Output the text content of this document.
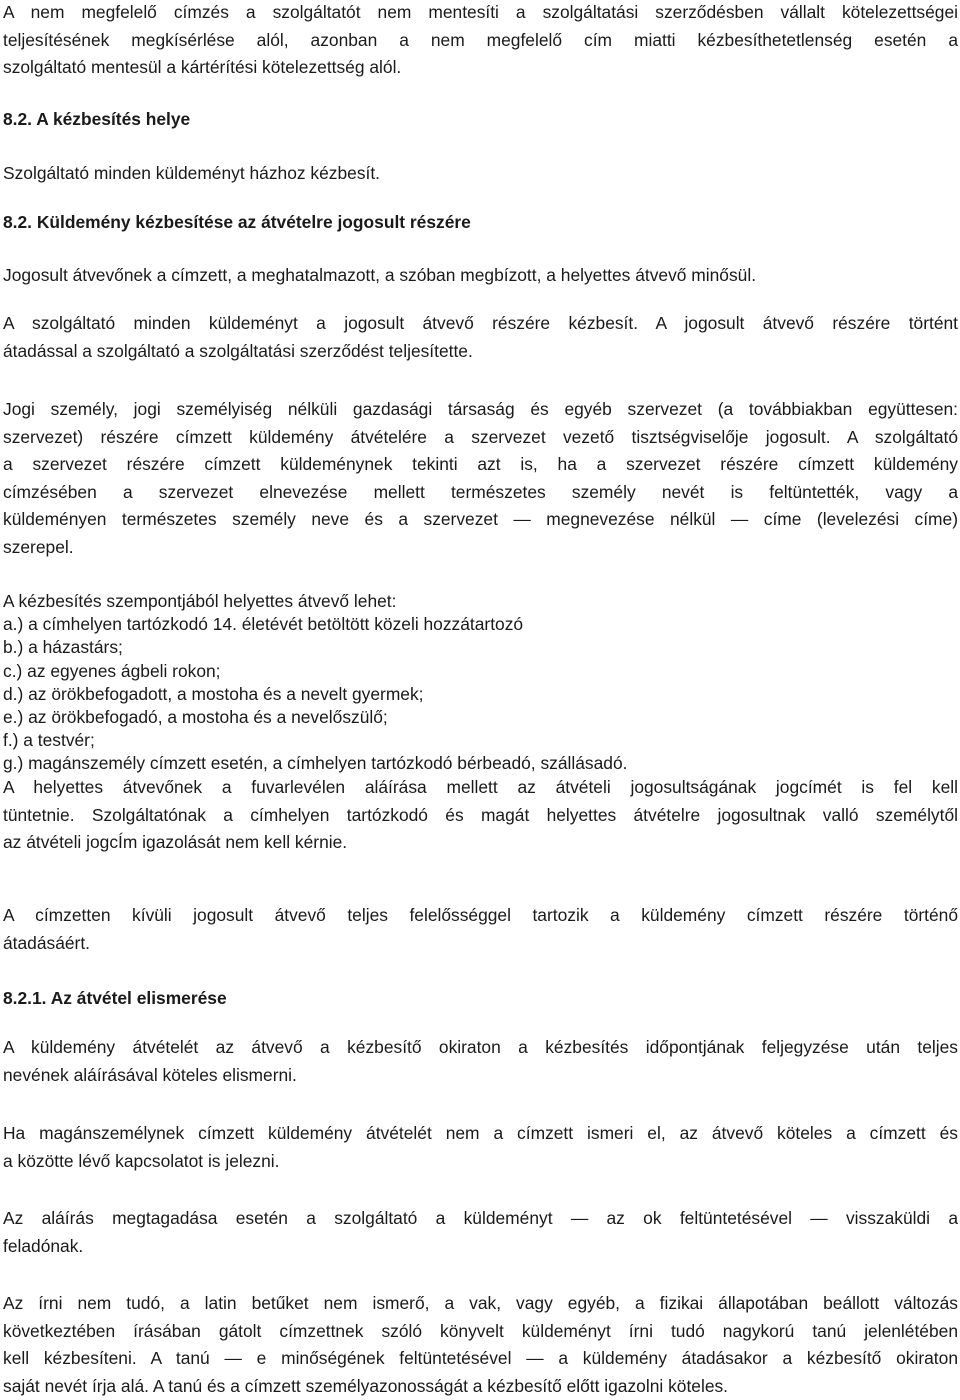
A nem megfelelő címzés a szolgáltatót nem mentesíti a szolgáltatási szerződésben vállalt kötelezettségei
teljesítésének megkísérlése alól, azonban a nem megfelelő cím miatti kézbesíthetetlenség esetén a
szolgáltató mentesül a kártérítési kötelezettség alól.

8.2. A kézbesítés helye

Szolgáltató minden küldeményt házhoz kézbesít.

8.2. Küldemény kézbesítése az átvételre jogosult részére

Jogosult átvevőnek a címzett, a meghatalmazott, a szóban megbízott, a helyettes átvevő minősül.

A szolgáltató minden küldeményt a jogosult átvevő részére kézbesít. A jogosult átvevő részére történt
átadással a szolgáltató a szolgáltatási szerződést teljesítette.

Jogi személy, jogi személyiség nélküli gazdasági társaság és egyéb szervezet (a továbbiakban együttesen:
szervezet) részére címzett küldemény átvételére a szervezet vezető tisztségviselője jogosult. A szolgáltató
a szervezet részére címzett küldeménynek tekinti azt is, ha a szervezet részére címzett küldemény
címzésében a szervezet elnevezése mellett természetes személy nevét is feltüntették, vagy a
küldeményen természetes személy neve és a szervezet — megnevezése nélkül — címe (levelezési címe)
szerepel.

A kézbesítés szempontjából helyettes átvevő lehet:
a.) a címhelyen tartózkodó 14. életévét betöltött közeli hozzátartozó
b.) a házastárs;
c.) az egyenes ágbeli rokon;
d.) az örökbefogadott, a mostoha és a nevelt gyermek;
e.) az örökbefogadó, a mostoha és a nevelőszülő;
f.) a testvér;
g.) magánszemély címzett esetén, a címhelyen tartózkodó bérbeadó, szállásadó.

A helyettes átvevőnek a fuvarlevélen aláírása mellett az átvételi jogosultságának jogcímét is fel kell
tüntetnie. Szolgáltatónak a címhelyen tartózkodó és magát helyettes átvételre jogosultnak valló személytől
az átvételi jogcÍm igazolását nem kell kérnie.

A címzetten kívüli jogosult átvevő teljes felelősséggel tartozik a küldemény címzett részére történő
átadásáért.

8.2.1. Az átvétel elismerése

A küldemény átvételét az átvevő a kézbesítő okiraton a kézbesítés időpontjának feljegyzése után teljes
nevének aláírásával köteles elismerni.

Ha magánszemélynek címzett küldemény átvételét nem a címzett ismeri el, az átvevő köteles a címzett és
a közötte lévő kapcsolatot is jelezni.

Az aláírás megtagadása esetén a szolgáltató a küldeményt — az ok feltüntetésével — visszaküldi a
feladónak.

Az írni nem tudó, a latin betűket nem ismerő, a vak, vagy egyéb, a fizikai állapotában beállott változás
következtében írásában gátolt címzettnek szóló könyvelt küldeményt írni tudó nagykorú tanú jelenlétében
kell kézbesíteni. A tanú — e minőségének feltüntetésével — a küldemény átadásakor a kézbesítő okiraton
saját nevét írja alá. A tanú és a címzett személyazonosságát a kézbesítő előtt igazolni köteles.
